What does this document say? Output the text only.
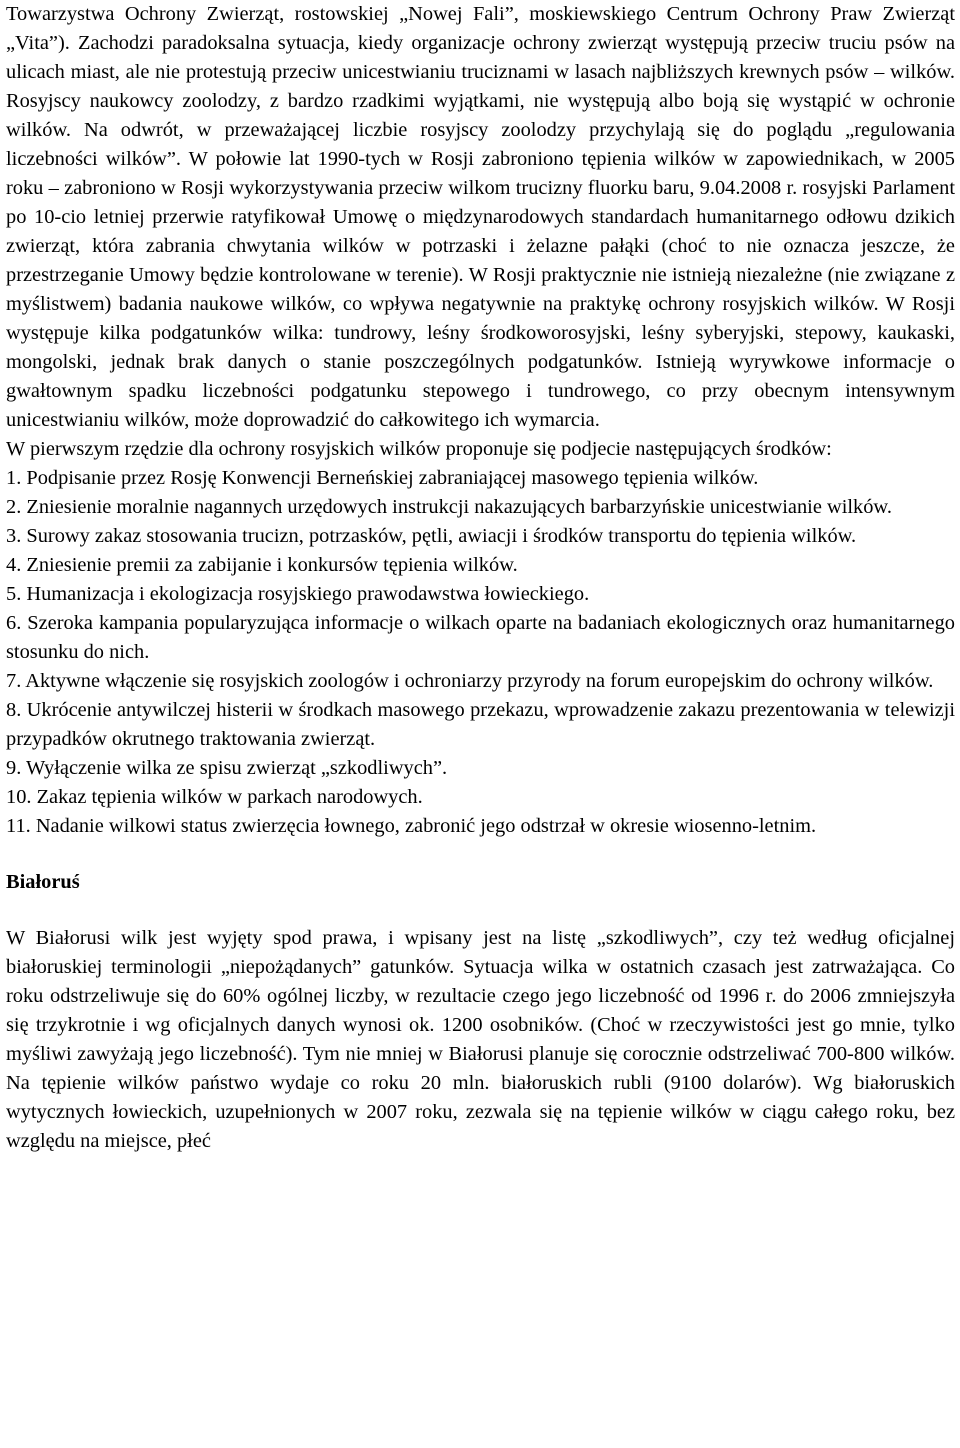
Towarzystwa Ochrony Zwierząt, rostowskiej „Nowej Fali”, moskiewskiego Centrum Ochrony Praw Zwierząt „Vita”). Zachodzi paradoksalna sytuacja, kiedy organizacje ochrony zwierząt występują przeciw truciu psów na ulicach miast, ale nie protestują przeciw unicestwianiu truciznami w lasach najbliższych krewnych psów – wilków. Rosyjscy naukowcy zoolodzy, z bardzo rzadkimi wyjątkami, nie występują albo boją się wystąpić w ochronie wilków. Na odwrót, w przeważającej liczbie rosyjscy zoolodzy przychylają się do poglądu „regulowania liczebności wilków”. W połowie lat 1990-tych w Rosji zabroniono tępienia wilków w zapowiednikach, w 2005 roku – zabroniono w Rosji wykorzystywania przeciw wilkom trucizny fluorku baru, 9.04.2008 r. rosyjski Parlament po 10-cio letniej przerwie ratyfikował Umowę o międzynarodowych standardach humanitarnego odłowu dzikich zwierząt, która zabrania chwytania wilków w potrzaski i żelazne pałąki (choć to nie oznacza jeszcze, że przestrzeganie Umowy będzie kontrolowane w terenie). W Rosji praktycznie nie istnieją niezależne (nie związane z myślistwem) badania naukowe wilków, co wpływa negatywnie na praktykę ochrony rosyjskich wilków. W Rosji występuje kilka podgatunków wilka: tundrowy, leśny środkoworosyjski, leśny syberyjski, stepowy, kaukaski, mongolski, jednak brak danych o stanie poszczególnych podgatunków. Istnieją wyrywkowe informacje o gwałtownym spadku liczebności podgatunku stepowego i tundrowego, co przy obecnym intensywnym unicestwianiu wilków, może doprowadzić do całkowitego ich wymarcia.

W pierwszym rzędzie dla ochrony rosyjskich wilków proponuje się podjecie następujących środków:

1. Podpisanie przez Rosję Konwencji Berneńskiej zabraniającej masowego tępienia wilków.

2. Zniesienie moralnie nagannych urzędowych instrukcji nakazujących barbarzyńskie unicestwianie wilków.

3. Surowy zakaz stosowania trucizn, potrzasków, pętli, awiacji i środków transportu do tępienia wilków.

4. Zniesienie premii za zabijanie i konkursów tępienia wilków.

5. Humanizacja i ekologizacja rosyjskiego prawodawstwa łowieckiego.

6. Szeroka kampania popularyzująca informacje o wilkach oparte na badaniach ekologicznych oraz humanitarnego stosunku do nich.

7. Aktywne włączenie się rosyjskich zoologów i ochroniarzy przyrody na forum europejskim do ochrony wilków.

8. Ukrócenie antywilczej histerii w środkach masowego przekazu, wprowadzenie zakazu prezentowania w telewizji przypadków okrutnego traktowania zwierząt.

9. Wyłączenie wilka ze spisu zwierząt „szkodliwych”.

10. Zakaz tępienia wilków w parkach narodowych.

11. Nadanie wilkowi status zwierzęcia łownego, zabronić jego odstrzał w okresie wiosenno-letnim.

Białoruś

W Białorusi wilk jest wyjęty spod prawa, i wpisany jest na listę „szkodliwych”, czy też według oficjalnej białoruskiej terminologii „niepożądanych” gatunków. Sytuacja wilka w ostatnich czasach jest zatrważająca. Co roku odstrzeliwuje się do 60% ogólnej liczby, w rezultacie czego jego liczebność od 1996 r. do 2006 zmniejszyła się trzykrotnie i wg oficjalnych danych wynosi ok. 1200 osobników. (Choć w rzeczywistości jest go mnie, tylko myśliwi zawyżają jego liczebność). Tym nie mniej w Białorusi planuje się corocznie odstrzeliwać 700-800 wilków. Na tępienie wilków państwo wydaje co roku 20 mln. białoruskich rubli (9100 dolarów). Wg białoruskich wytycznych łowieckich, uzupełnionych w 2007 roku, zezwala się na tępienie wilków w ciągu całego roku, bez względu na miejsce, płeć
